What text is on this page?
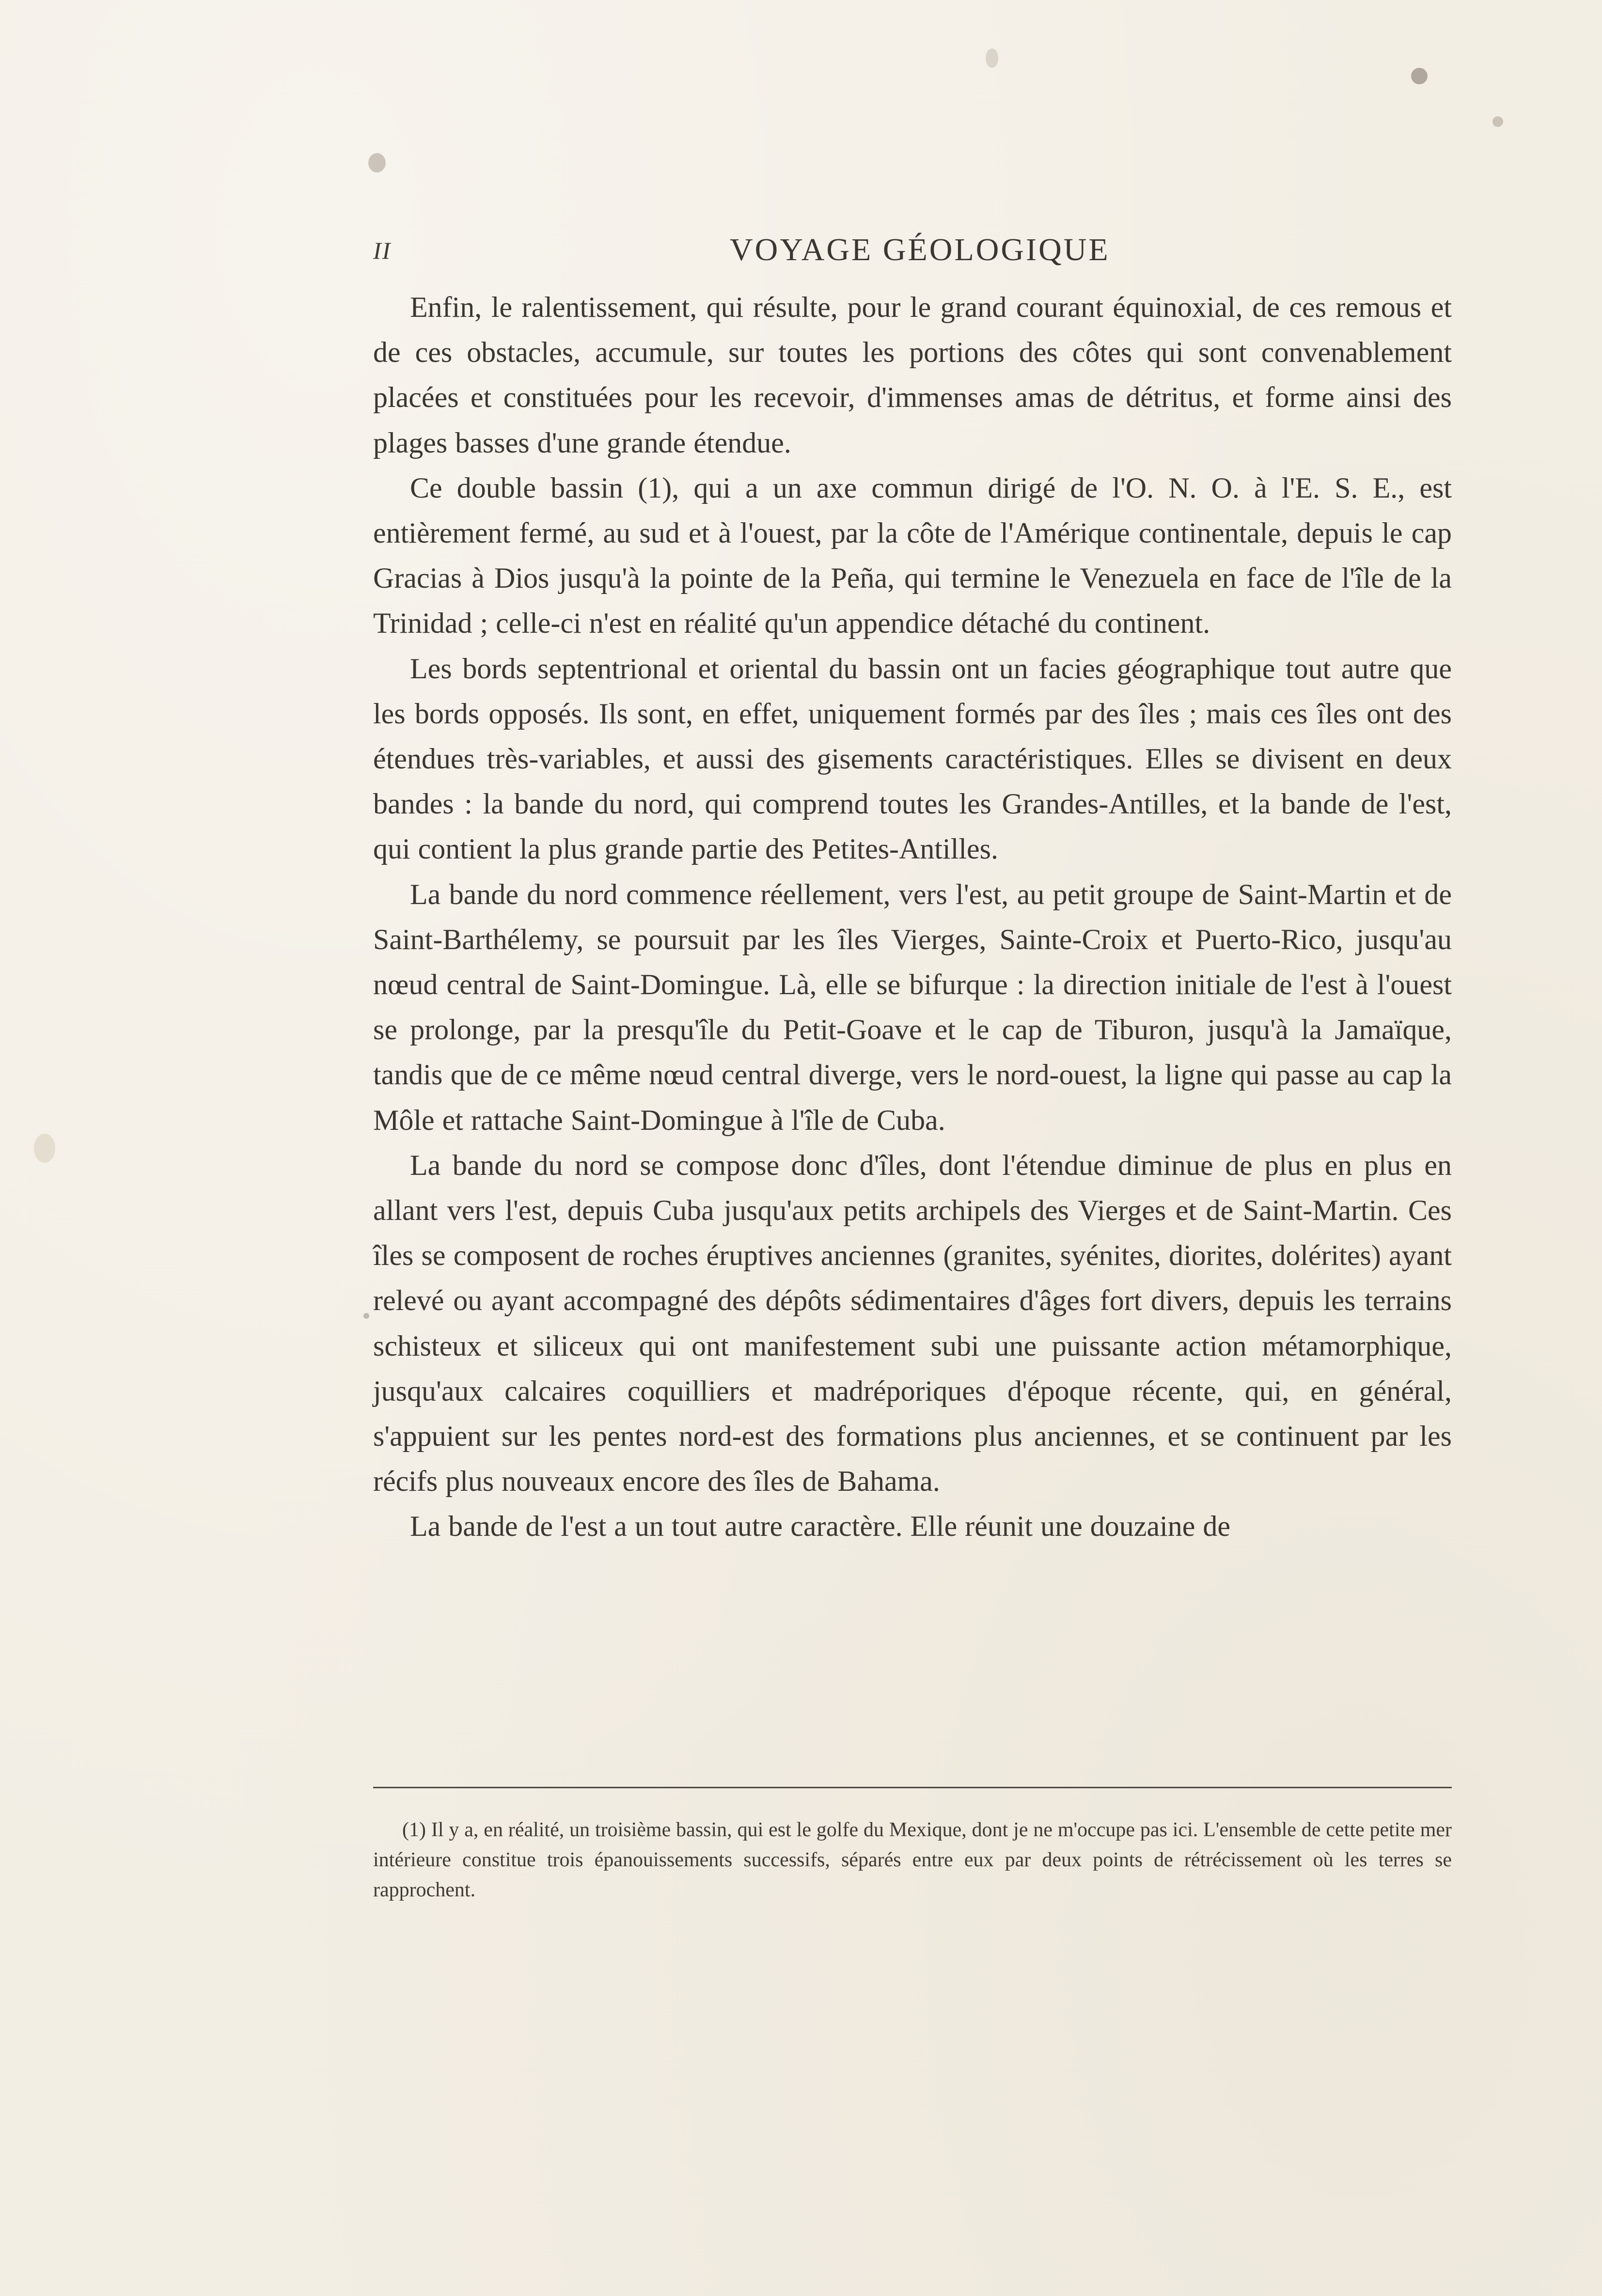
II	VOYAGE GÉOLOGIQUE

Enfin, le ralentissement, qui résulte, pour le grand courant équinoxial, de ces remous et de ces obstacles, accumule, sur toutes les portions des côtes qui sont convenablement placées et constituées pour les recevoir, d'immenses amas de détritus, et forme ainsi des plages basses d'une grande étendue.

Ce double bassin (1), qui a un axe commun dirigé de l'O. N. O. à l'E. S. E., est entièrement fermé, au sud et à l'ouest, par la côte de l'Amérique continentale, depuis le cap Gracias à Dios jusqu'à la pointe de la Peña, qui termine le Venezuela en face de l'île de la Trinidad ; celle-ci n'est en réalité qu'un appendice détaché du continent.

Les bords septentrional et oriental du bassin ont un facies géographique tout autre que les bords opposés. Ils sont, en effet, uniquement formés par des îles ; mais ces îles ont des étendues très-variables, et aussi des gisements caractéristiques. Elles se divisent en deux bandes : la bande du nord, qui comprend toutes les Grandes-Antilles, et la bande de l'est, qui contient la plus grande partie des Petites-Antilles.

La bande du nord commence réellement, vers l'est, au petit groupe de Saint-Martin et de Saint-Barthélemy, se poursuit par les îles Vierges, Sainte-Croix et Puerto-Rico, jusqu'au nœud central de Saint-Domingue. Là, elle se bifurque : la direction initiale de l'est à l'ouest se prolonge, par la presqu'île du Petit-Goave et le cap de Tiburon, jusqu'à la Jamaïque, tandis que de ce même nœud central diverge, vers le nord-ouest, la ligne qui passe au cap la Môle et rattache Saint-Domingue à l'île de Cuba.

La bande du nord se compose donc d'îles, dont l'étendue diminue de plus en plus en allant vers l'est, depuis Cuba jusqu'aux petits archipels des Vierges et de Saint-Martin. Ces îles se composent de roches éruptives anciennes (granites, syénites, diorites, dolérites) ayant relevé ou ayant accompagné des dépôts sédimentaires d'âges fort divers, depuis les terrains schisteux et siliceux qui ont manifestement subi une puissante action métamorphique, jusqu'aux calcaires coquilliers et madréporiques d'époque récente, qui, en général, s'appuient sur les pentes nord-est des formations plus anciennes, et se continuent par les récifs plus nouveaux encore des îles de Bahama.

La bande de l'est a un tout autre caractère. Elle réunit une douzaine de

(1) Il y a, en réalité, un troisième bassin, qui est le golfe du Mexique, dont je ne m'occupe pas ici. L'ensemble de cette petite mer intérieure constitue trois épanouissements successifs, séparés entre eux par deux points de rétrécissement où les terres se rapprochent.
